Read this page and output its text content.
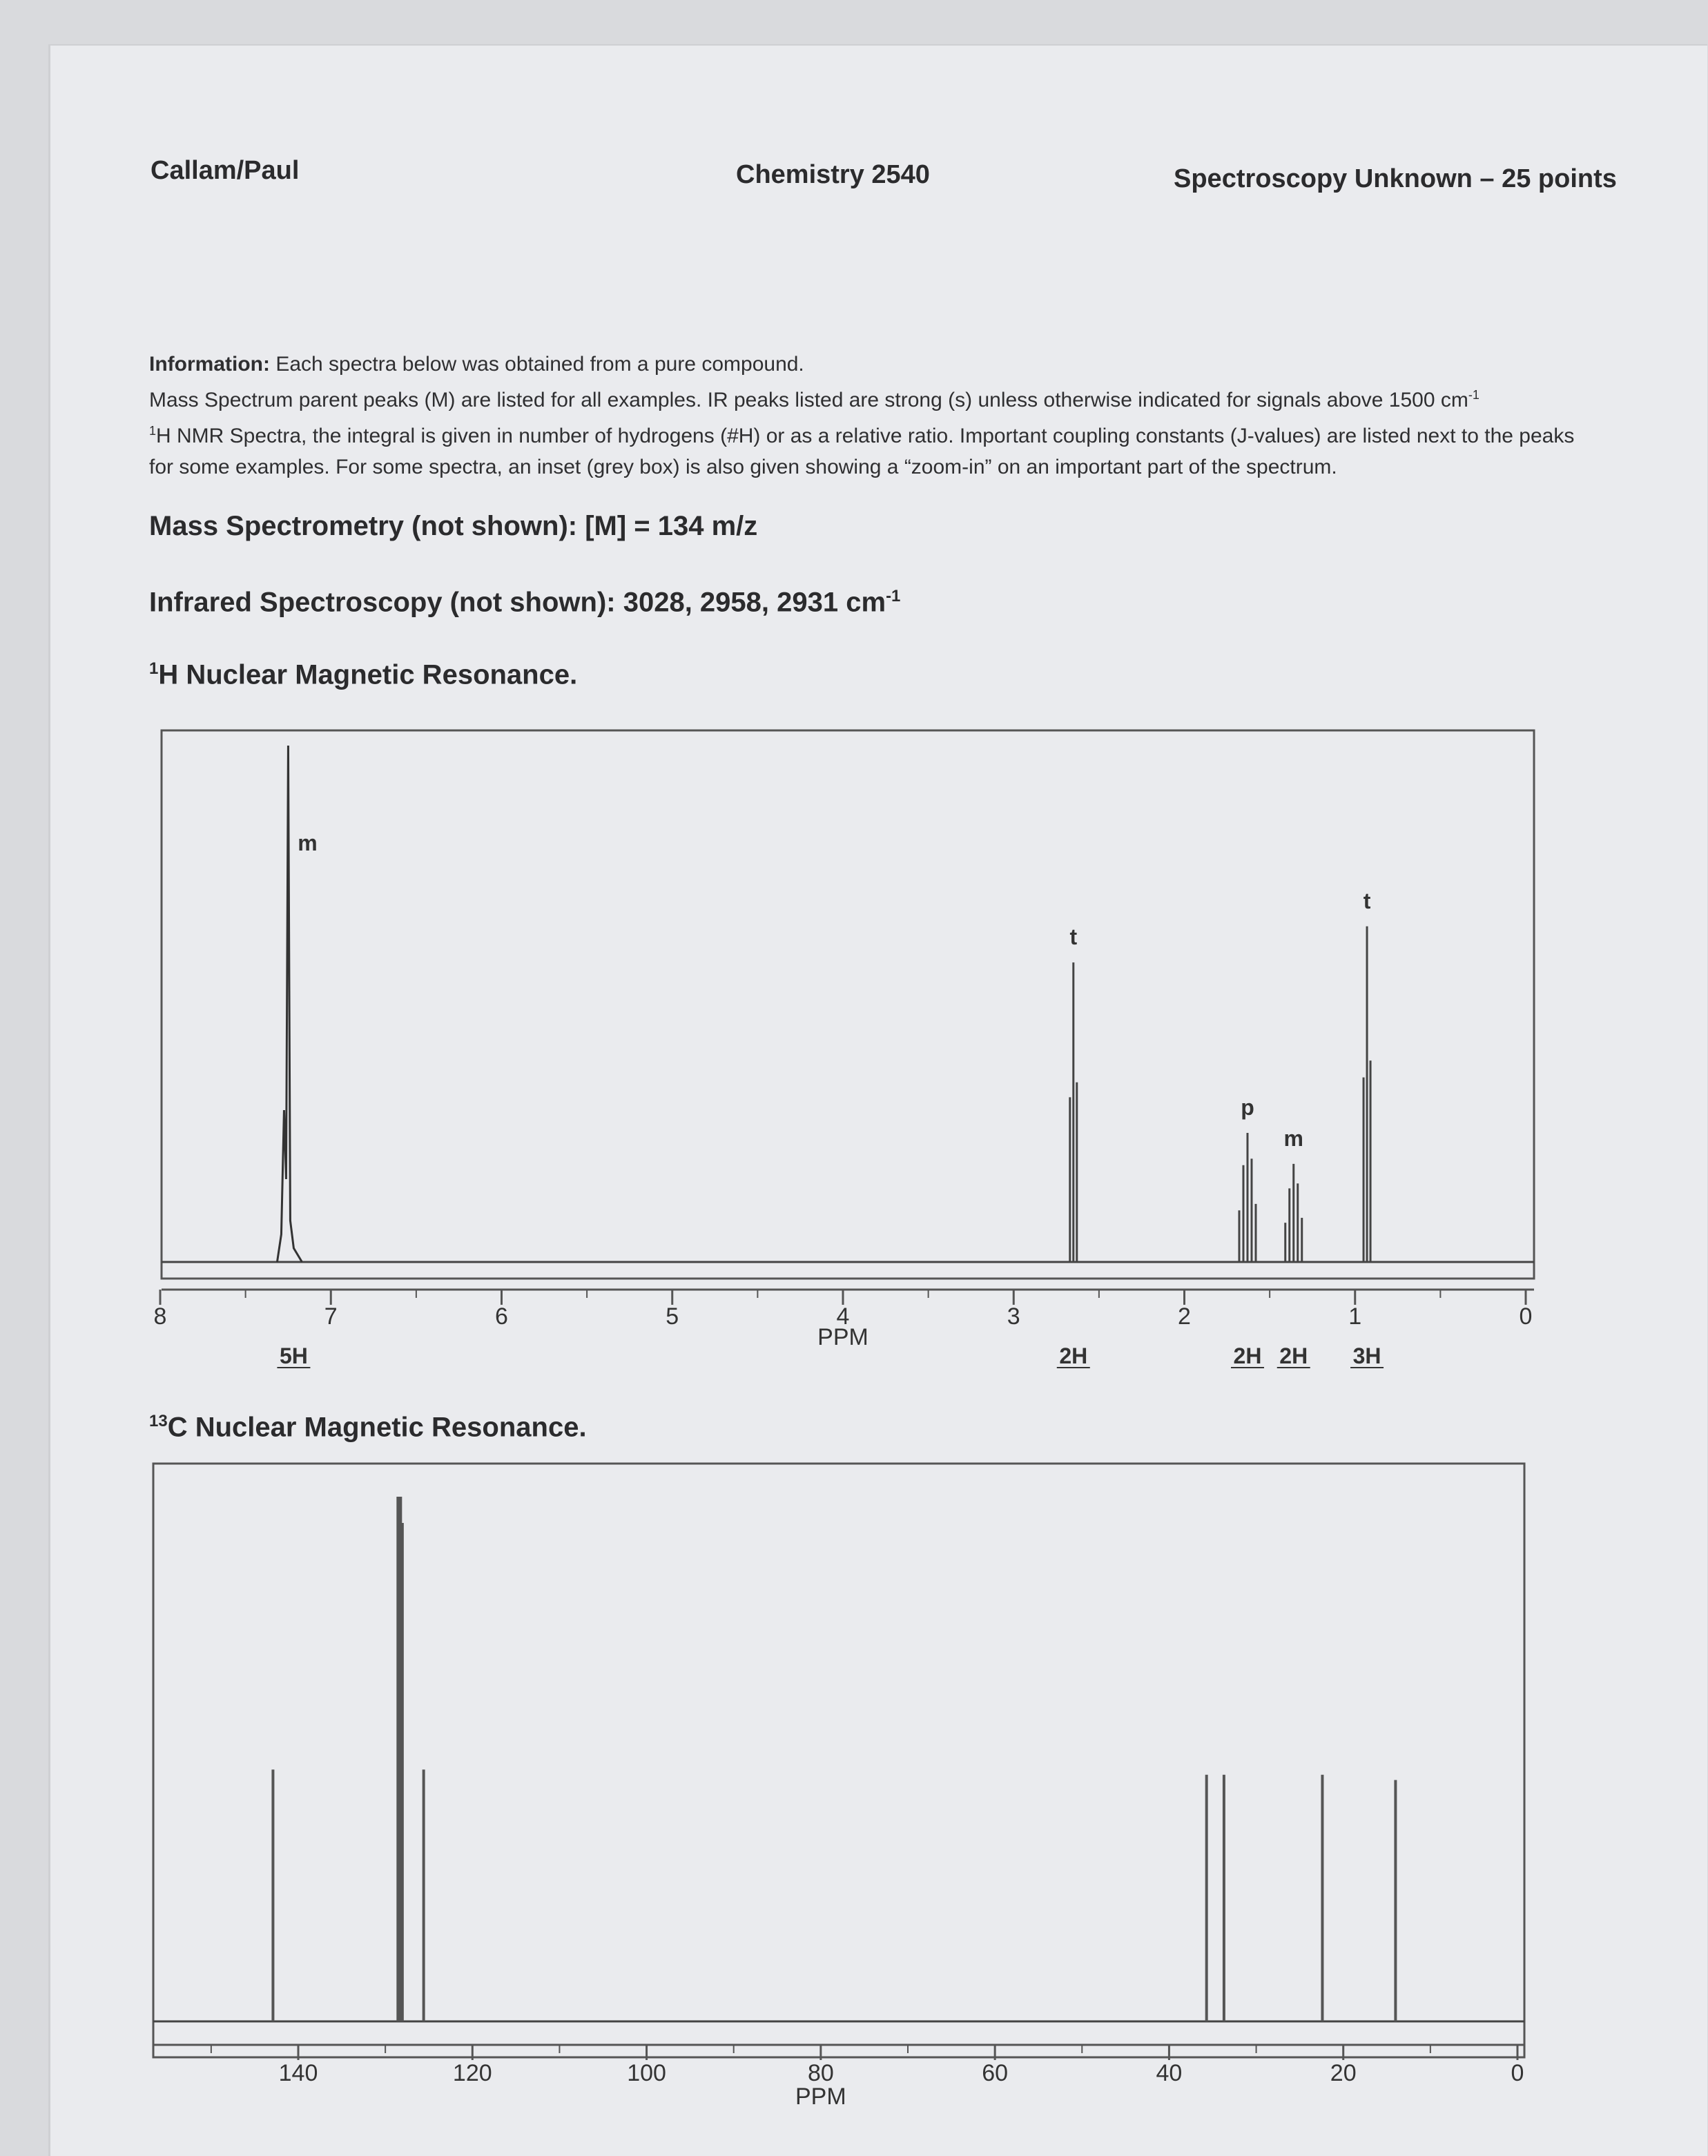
Callam/Paul	Chemistry 2540	Spectroscopy Unknown – 25 points

Information: Each spectra below was obtained from a pure compound.

Mass Spectrum parent peaks (M) are listed for all examples. IR peaks listed are strong (s) unless otherwise indicated for signals above 1500 $cm^{-1}$

$^1$H NMR Spectra, the integral is given in number of hydrogens (#H) or as a relative ratio. Important coupling constants (J-values) are listed next to the peaks for some examples. For some spectra, an inset (grey box) is also given showing a “zoom-in” on an important part of the spectrum.

Mass Spectrometry (not shown): [M] = 134 m/z
Infrared Spectroscopy (not shown): 3028, 2958, 2931 $cm^{-1}$
$^1$H Nuclear Magnetic Resonance.
$^{13}$C Nuclear Magnetic Resonance.
8	7	6	5	4	3	2	1	0
PPM
m
5H
t
2H
p
2H
m
2H
t
3H
140	120	100	80	60	40	20	0
PPM
